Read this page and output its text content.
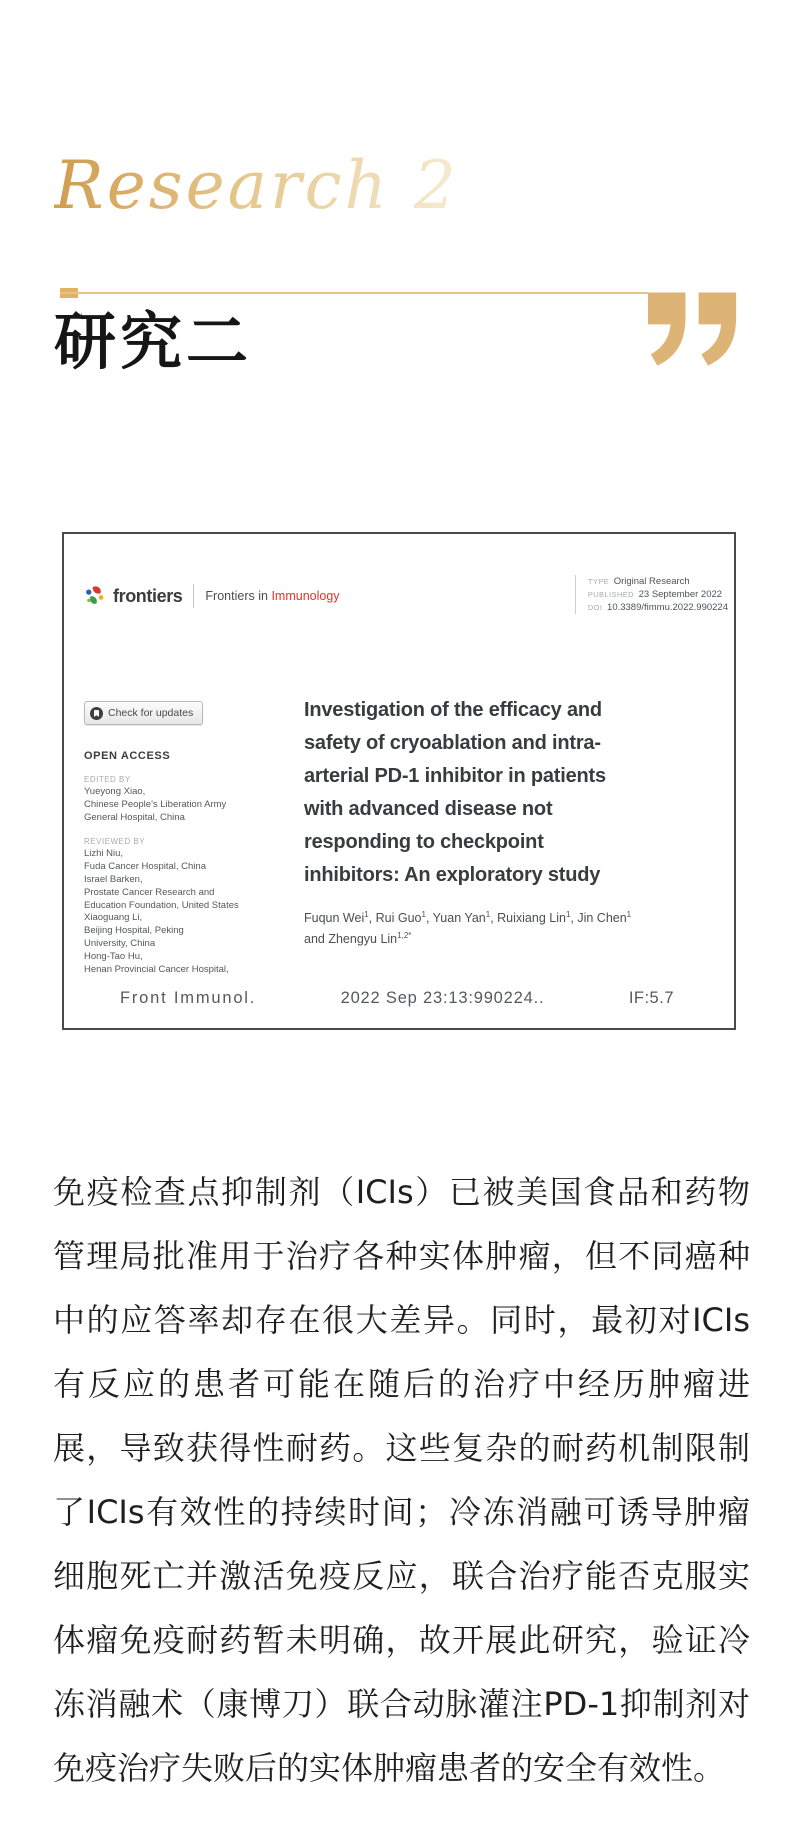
Research 2
研究二
frontiers Frontiers in Immunology
TYPE Original Research
PUBLISHED 23 September 2022
DOI 10.3389/fimmu.2022.990224
Check for updates
OPEN ACCESS
EDITED BY
Yueyong Xiao,
Chinese People's Liberation Army
General Hospital, China
REVIEWED BY
Lizhi Niu,
Fuda Cancer Hospital, China
Israel Barken,
Prostate Cancer Research and
Education Foundation, United States
Xiaoguang Li,
Beijing Hospital, Peking
University, China
Hong-Tao Hu,
Henan Provincial Cancer Hospital,
Investigation of the efficacy and
safety of cryoablation and intra-
arterial PD-1 inhibitor in patients
with advanced disease not
responding to checkpoint
inhibitors: An exploratory study
Fuqun Wei$^1$, Rui Guo$^1$, Yuan Yan$^1$, Ruixiang Lin$^1$, Jin Chen$^1$ and Zhengyu Lin$^{1,2*}$
Front Immunol.	2022 Sep 23:13:990224..	IF:5.7
免疫检查点抑制剂（ICIs）已被美国食品和药物管理局批准用于治疗各种实体肿瘤，但不同癌种中的应答率却存在很大差异。同时，最初对ICIs有反应的患者可能在随后的治疗中经历肿瘤进展，导致获得性耐药。这些复杂的耐药机制限制了ICIs有效性的持续时间；冷冻消融可诱导肿瘤细胞死亡并激活免疫反应，联合治疗能否克服实体瘤免疫耐药暂未明确，故开展此研究，验证冷冻消融术（康博刀）联合动脉灌注PD-1抑制剂对免疫治疗失败后的实体肿瘤患者的安全有效性。
